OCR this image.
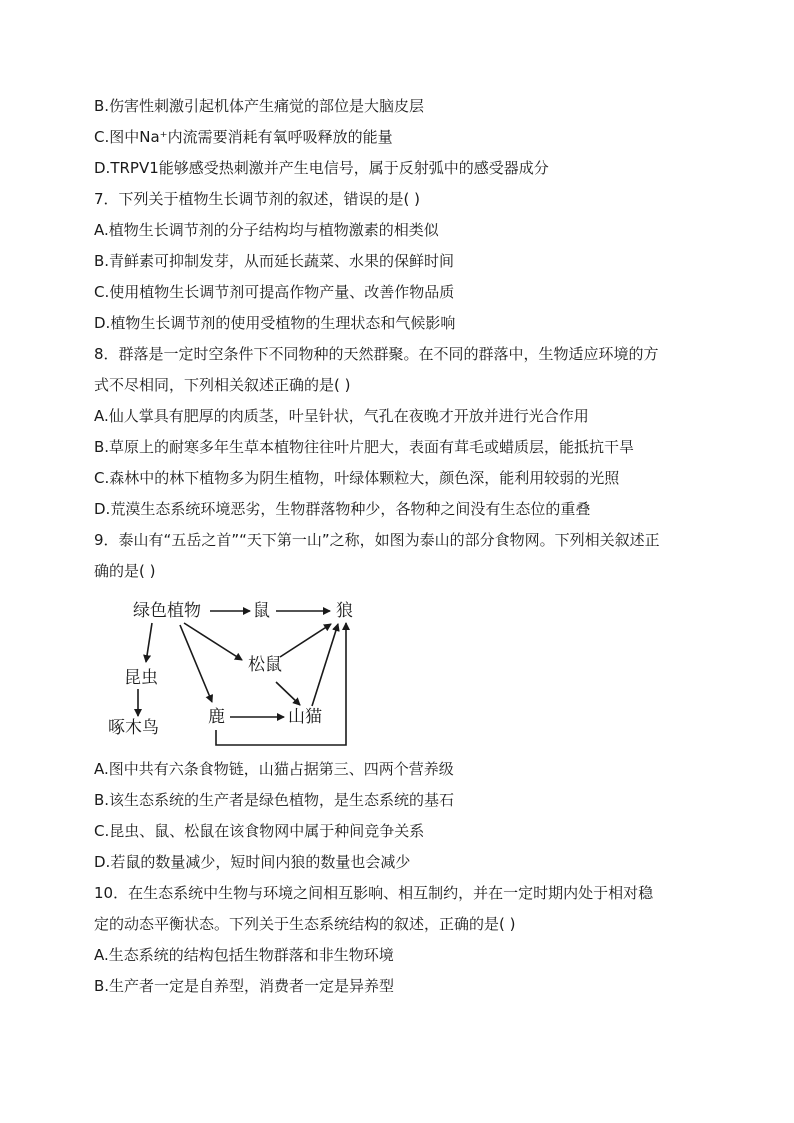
B.伤害性刺激引起机体产生痛觉的部位是大脑皮层
C.图中Na⁺内流需要消耗有氧呼吸释放的能量
D.TRPV1能够感受热刺激并产生电信号，属于反射弧中的感受器成分
7．下列关于植物生长调节剂的叙述，错误的是( )
A.植物生长调节剂的分子结构均与植物激素的相类似
B.青鲜素可抑制发芽，从而延长蔬菜、水果的保鲜时间
C.使用植物生长调节剂可提高作物产量、改善作物品质
D.植物生长调节剂的使用受植物的生理状态和气候影响
8．群落是一定时空条件下不同物种的天然群聚。在不同的群落中，生物适应环境的方
式不尽相同，下列相关叙述正确的是( )
A.仙人掌具有肥厚的肉质茎，叶呈针状，气孔在夜晚才开放并进行光合作用
B.草原上的耐寒多年生草本植物往往叶片肥大，表面有茸毛或蜡质层，能抵抗干旱
C.森林中的林下植物多为阴生植物，叶绿体颗粒大，颜色深，能利用较弱的光照
D.荒漠生态系统环境恶劣，生物群落物种少，各物种之间没有生态位的重叠
9．泰山有“五岳之首”“天下第一山”之称，如图为泰山的部分食物网。下列相关叙述正
确的是( )
绿色植物	鼠	狼
昆虫
松鼠
啄木鸟
鹿	山猫
A.图中共有六条食物链，山猫占据第三、四两个营养级
B.该生态系统的生产者是绿色植物，是生态系统的基石
C.昆虫、鼠、松鼠在该食物网中属于种间竞争关系
D.若鼠的数量减少，短时间内狼的数量也会减少
10．在生态系统中生物与环境之间相互影响、相互制约，并在一定时期内处于相对稳
定的动态平衡状态。下列关于生态系统结构的叙述，正确的是( )
A.生态系统的结构包括生物群落和非生物环境
B.生产者一定是自养型，消费者一定是异养型
